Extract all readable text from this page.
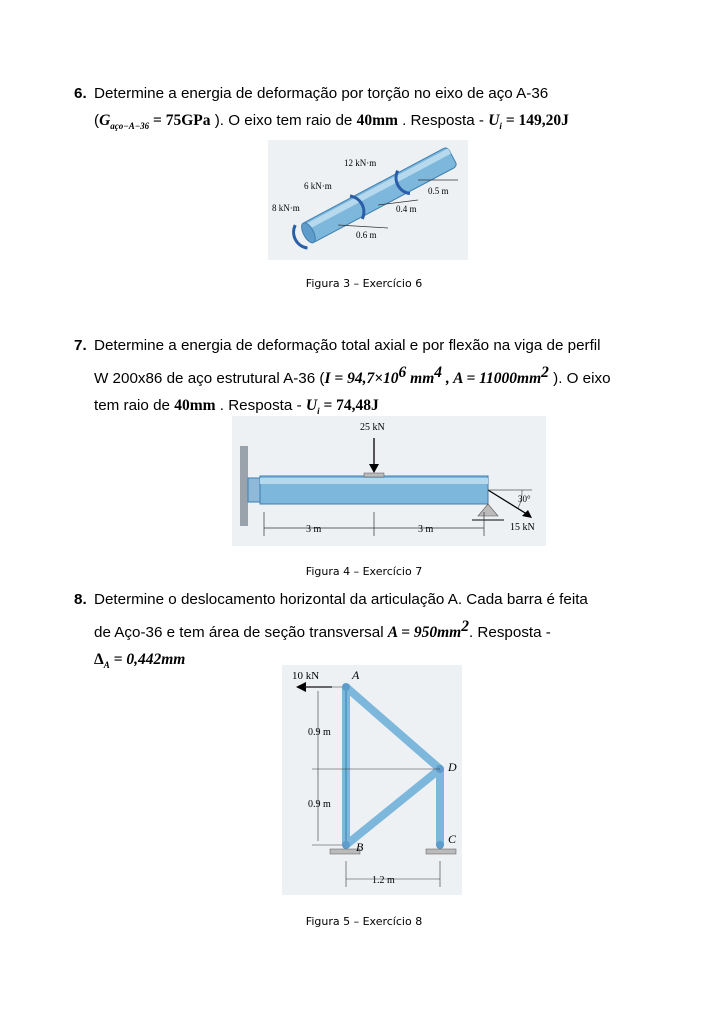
6. Determine a energia de deformação por torção no eixo de aço A-36
($G_{aço-A-36} = 75GPa$ ). O eixo tem raio de 40mm . Resposta - $U_i = 149,20J$
12 kN·m
6 kN·m
8 kN·m
0.5 m
0.4 m
0.6 m
Figura 3 – Exercício 6
7. Determine a energia de deformação total axial e por flexão na viga de perfil
W 200x86 de aço estrutural A-36 ($I = 94,7\times 10^6$ $mm^4$ , $A = 11000mm^2$ ). O eixo
tem raio de 40mm . Resposta - $U_i = 74,48J$
25 kN
3 m	3 m
30°
15 kN
Figura 4 – Exercício 7
8. Determine o deslocamento horizontal da articulação A. Cada barra é feita
de Aço-36 e tem área de seção transversal $A = 950mm^2$. Resposta -
$\Delta_A = 0,442mm$
10 kN	A
D
B
C
0.9 m
0.9 m
1.2 m
Figura 5 – Exercício 8
